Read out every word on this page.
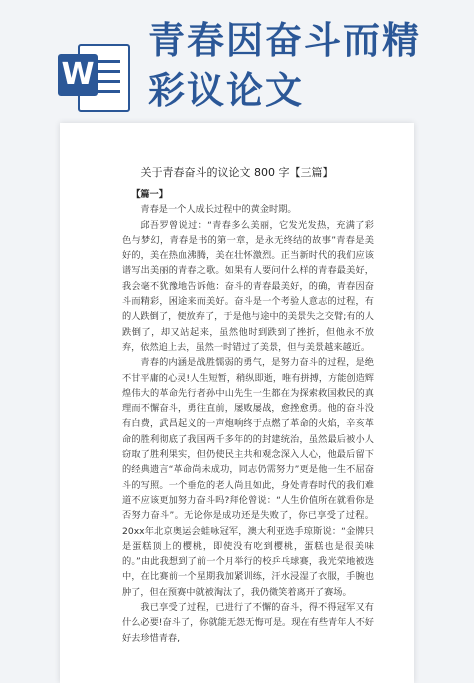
W
青春因奋斗而精彩议论文
关于青春奋斗的议论文 800 字【三篇】

【篇一】

青春是一个人成长过程中的黄金时期。

邱吾罗曾说过：“青春多么美丽，它发光发热，充满了彩色与梦幻，青春是书的第一章，是永无终结的故事”青春是美好的，美在热血沸腾，美在壮怀激烈。正当新时代的我们应该谱写出美丽的青春之歌。如果有人要问什么样的青春最美好，我会毫不犹豫地告诉他：奋斗的青春最美好，的确，青春因奋斗而精彩，困途来而美好。奋斗是一个考验人意志的过程，有的人跌倒了，便放弃了，于是他与途中的美景失之交臂;有的人跌倒了，却又站起来，虽然他时到跌到了挫折，但他永不放弃，依然追上去，虽然一时错过了美景，但与美景越来越近。

青春的内涵是战胜懦弱的勇气，是努力奋斗的过程，是绝不甘平庸的心灵!人生短暂，稍纵即逝，唯有拼搏，方能创造辉煌伟大的革命先行者孙中山先生一生都在为探索救国救民的真理而不懈奋斗，勇往直前，屡败屡战，愈挫愈勇。他的奋斗没有白费，武昌起义的一声炮响终于点燃了革命的火焰，辛亥革命的胜利彻底了我国两千多年的的封建统治，虽然最后被小人窃取了胜利果实，但仍使民主共和观念深入人心，他最后留下的经典遗言“革命尚未成功，同志仍需努力”更是他一生不屈奋斗的写照。一个垂危的老人尚且如此，身处青春时代的我们难道不应该更加努力奋斗吗?拜伦曾说：“人生价值所在就看你是否努力奋斗”。无论你是成功还是失败了，你已享受了过程。20xx年北京奥运会蛙咏冠军，澳大利亚选手琼斯说：“金牌只是蛋糕顶上的樱桃，即使没有吃到樱桃，蛋糕也是很美味的。”由此我想到了前一个月举行的校乒乓球赛，我光荣地被选中，在比赛前一个星期我加紧训练，汗水浸湿了衣服，手腕也肿了，但在预赛中就被淘汰了，我仍微笑着离开了赛场。

我已享受了过程，已进行了不懈的奋斗，得不得冠军又有什么必要!奋斗了，你就能无怨无悔可是。现在有些青年人不好好去珍惜青春,
